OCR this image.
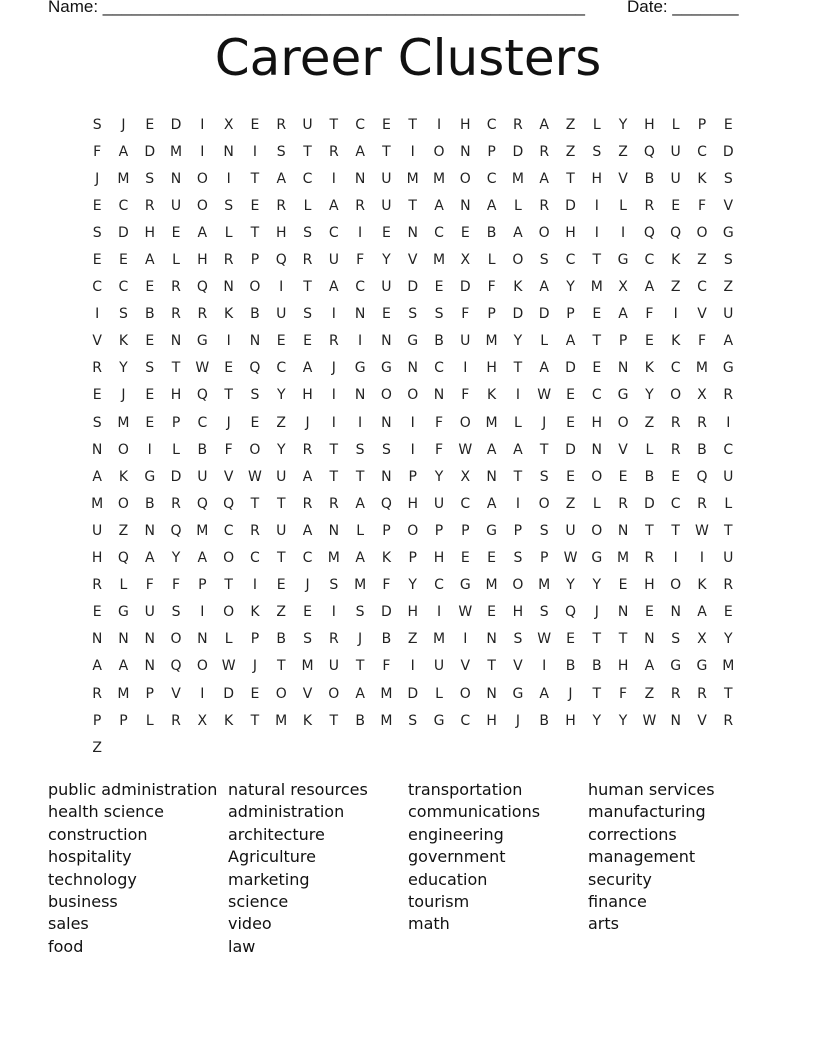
Name: ___________________________________________________ Date: _______
Career Clusters
S	J	E	D	I	X	E	R	U	T	C	E	T	I	H	C	R	A	Z	L	Y	H	L	P	E
F	A	D	M	I	N	I	S	T	R	A	T	I	O	N	P	D	R	Z	S	Z	Q	U	C	D
J	M	S	N	O	I	T	A	C	I	N	U	M	M	O	C	M	A	T	H	V	B	U	K	S
E	C	R	U	O	S	E	R	L	A	R	U	T	A	N	A	L	R	D	I	L	R	E	F	V
S	D	H	E	A	L	T	H	S	C	I	E	N	C	E	B	A	O	H	I	I	Q	Q	O	G
E	E	A	L	H	R	P	Q	R	U	F	Y	V	M	X	L	O	S	C	T	G	C	K	Z	S
C	C	E	R	Q	N	O	I	T	A	C	U	D	E	D	F	K	A	Y	M	X	A	Z	C	Z
I	S	B	R	R	K	B	U	S	I	N	E	S	S	F	P	D	D	P	E	A	F	I	V	U
V	K	E	N	G	I	N	E	E	R	I	N	G	B	U	M	Y	L	A	T	P	E	K	F	A
R	Y	S	T	W	E	Q	C	A	J	G	G	N	C	I	H	T	A	D	E	N	K	C	M	G
E	J	E	H	Q	T	S	Y	H	I	N	O	O	N	F	K	I	W	E	C	G	Y	O	X	R
S	M	E	P	C	J	E	Z	J	I	I	N	I	F	O	M	L	J	E	H	O	Z	R	R	I
N	O	I	L	B	F	O	Y	R	T	S	S	I	F	W	A	A	T	D	N	V	L	R	B	C
A	K	G	D	U	V	W	U	A	T	T	N	P	Y	X	N	T	S	E	O	E	B	E	Q	U
M	O	B	R	Q	Q	T	T	R	R	A	Q	H	U	C	A	I	O	Z	L	R	D	C	R	L
U	Z	N	Q	M	C	R	U	A	N	L	P	O	P	P	G	P	S	U	O	N	T	T	W	T
H	Q	A	Y	A	O	C	T	C	M	A	K	P	H	E	E	S	P	W G	M	R	I	I	U
R	L	F	F	P	T	I	E	J	S	M	F	Y	C	G	M	O	M	Y	Y	E	H	O	K	R
E	G	U	S	I	O	K	Z	E	I	S	D	H	I	W	E	H	S	Q	J	N	E	N	A	E
N	N	N	O	N	L	P	B	S	R	J	B	Z	M	I	N	S	W	E	T	T	N	S	X	Y
A	A	N	Q	O W	J	T	M	U	T	F	I	U	V	T	V	I	B	B	H	A	G	G	M
R	M	P	V	I	D	E	O	V	O	A	M	D	L	O	N	G	A	J	T	F	Z	R	R	T
P	P	L	R	X	K	T	M	K	T	B	M	S	G	C	H	J	B	H	Y	Y	W	N	V	R
Z
public administration
health science
construction
hospitality
technology
business
sales
food
natural resources
administration
architecture
Agriculture
marketing
science
video
law
transportation
communications
engineering
government
education
tourism
math
human services
manufacturing
corrections
management
security
finance
arts
